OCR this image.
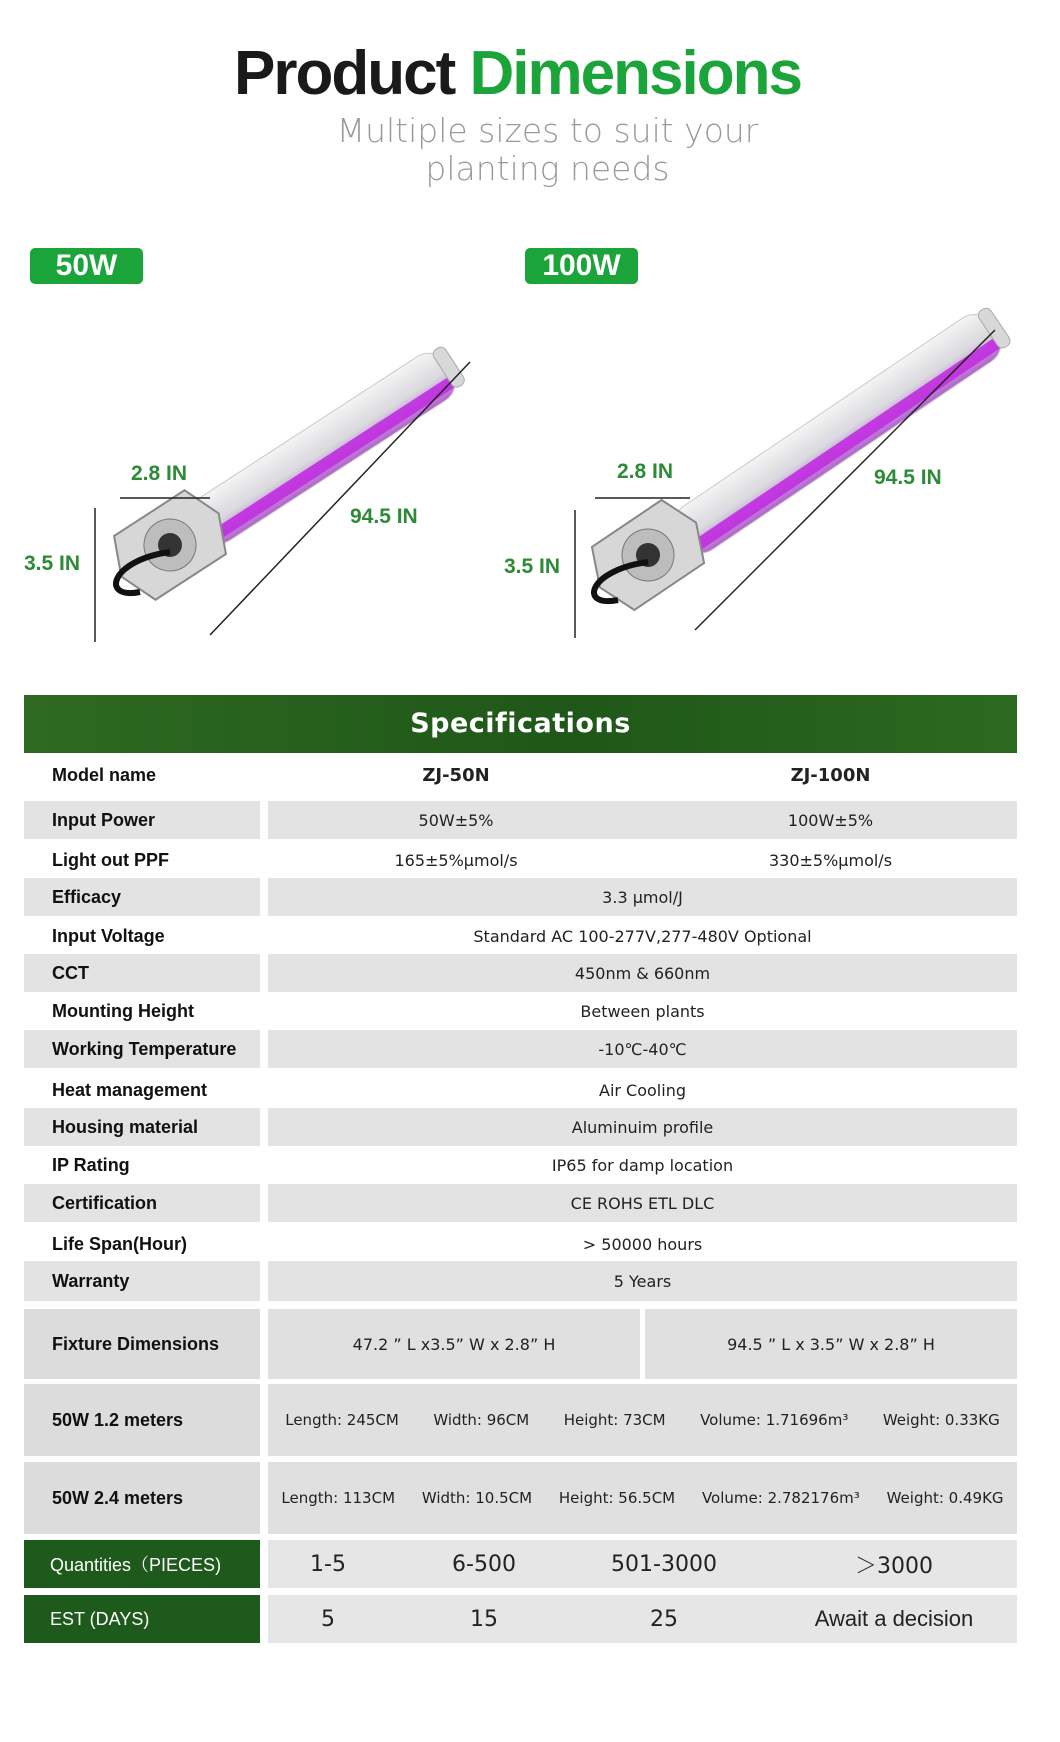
Product Dimensions
Multiple sizes to suit your
planting needs
50W
2.8 IN
3.5 IN
94.5 IN
100W
2.8 IN
3.5 IN
94.5 IN
Specifications
Model name	ZJ-50N	ZJ-100N
Input Power	50W±5%	100W±5%
Light out PPF	165±5%μmol/s	330±5%μmol/s
Efficacy	3.3 μmol/J
Input Voltage	Standard AC 100-277V,277-480V Optional
CCT	450nm & 660nm
Mounting Height	Between plants
Working Temperature	-10℃-40℃
Heat management	Air Cooling
Housing material	Aluminuim profile
IP Rating	IP65 for damp location
Certification	CE ROHS ETL DLC
Life Span(Hour)	> 50000 hours
Warranty	5 Years
Fixture Dimensions	47.2 ” L x3.5” W x 2.8” H	94.5 ” L x 3.5” W x 2.8” H
50W 1.2 meters	Length: 245CM Width: 96CM Height: 73CM Volume: 1.71696m³ Weight: 0.33KG
50W 2.4 meters	Length: 113CM Width: 10.5CM Height: 56.5CM Volume: 2.782176m³ Weight: 0.49KG
Quantities（PIECES)	1-5	6-500	501-3000	＞3000
EST (DAYS)	5	15	25	Await a decision
